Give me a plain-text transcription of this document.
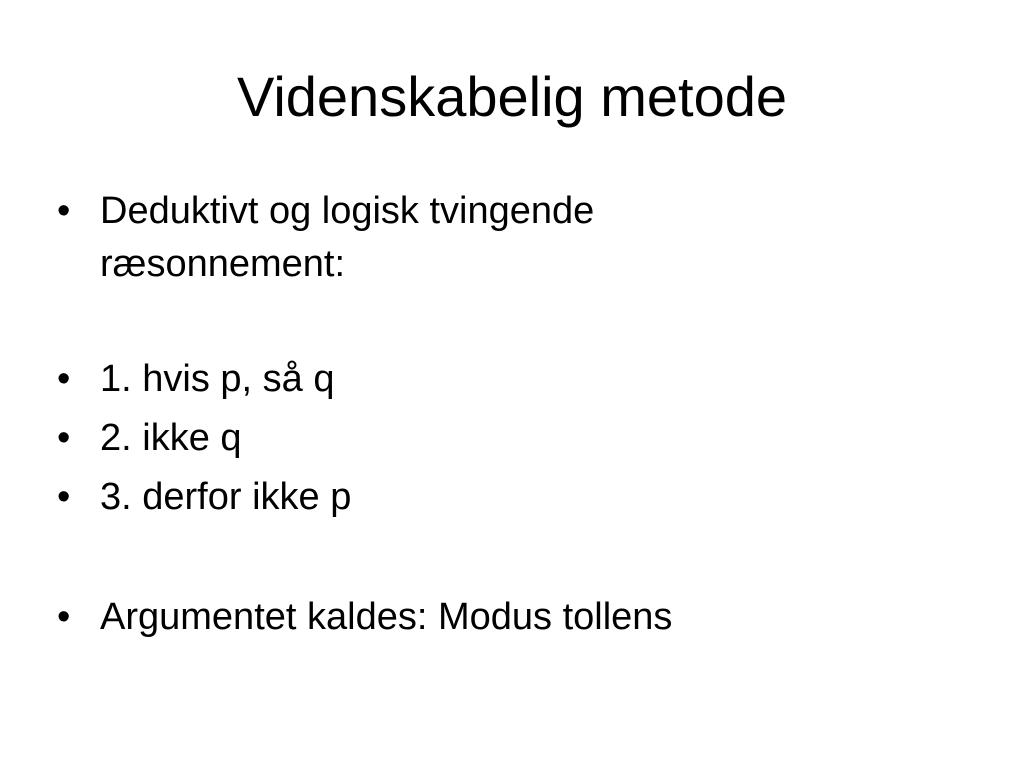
Videnskabelig metode
• Deduktivt og logisk tvingende ræsonnement:
• 1. hvis p, så q
• 2. ikke q
• 3. derfor ikke p
• Argumentet kaldes: Modus tollens
